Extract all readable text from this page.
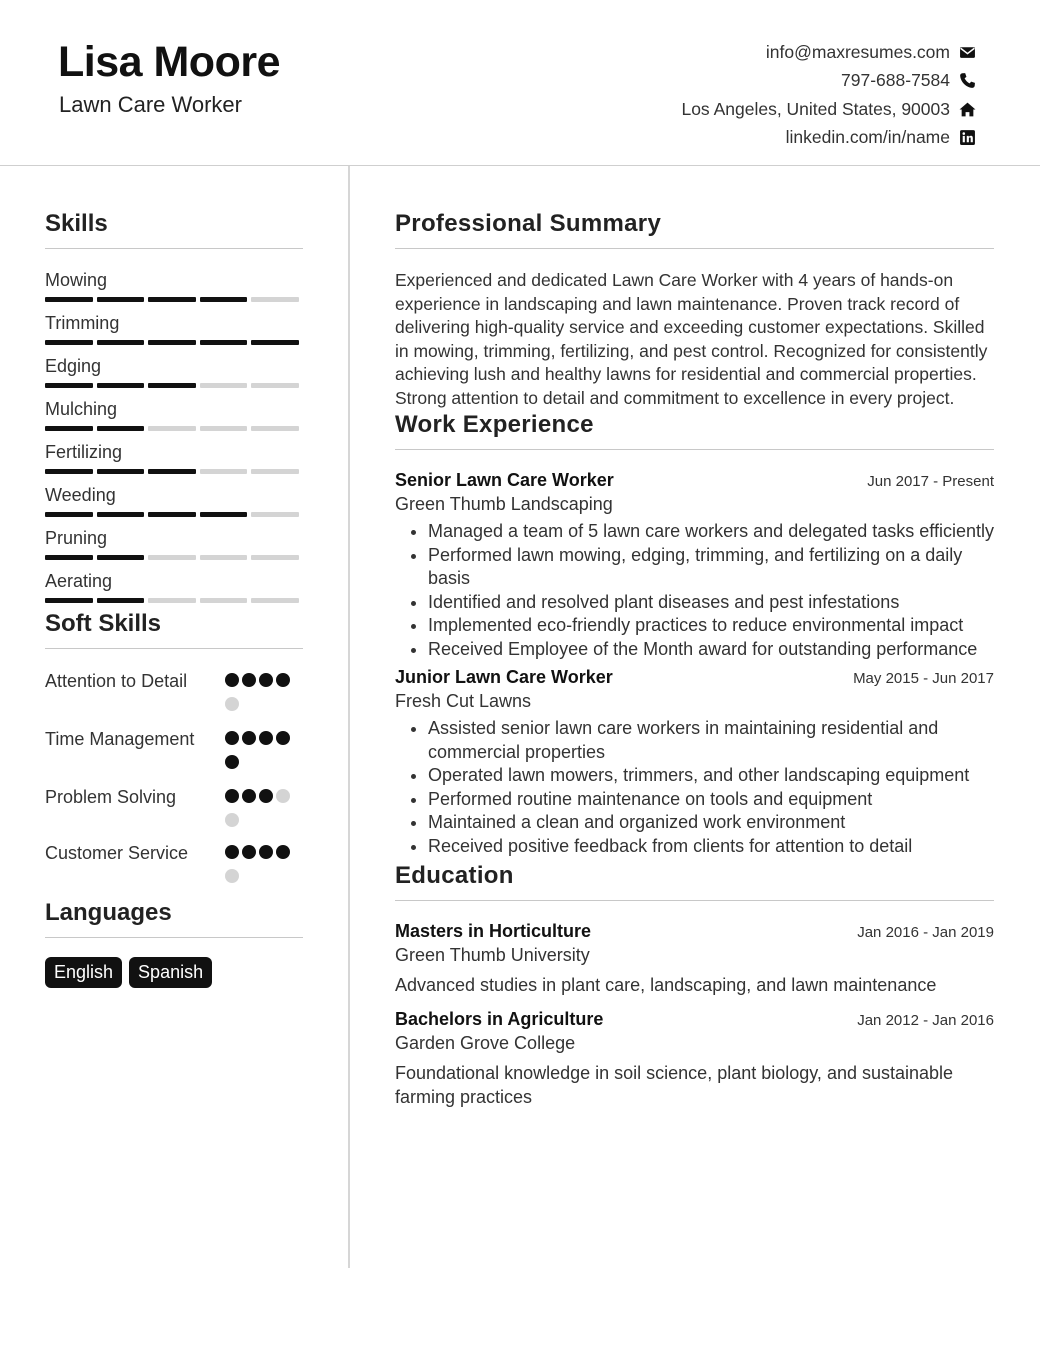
Lisa Moore
Lawn Care Worker
info@maxresumes.com
797-688-7584
Los Angeles, United States, 90003
linkedin.com/in/name
Skills
Mowing
Trimming
Edging
Mulching
Fertilizing
Weeding
Pruning
Aerating
Soft Skills
Attention to Detail
Time Management
Problem Solving
Customer Service
Languages
English	Spanish
Professional Summary
Experienced and dedicated Lawn Care Worker with 4 years of hands-on experience in landscaping and lawn maintenance. Proven track record of delivering high-quality service and exceeding customer expectations. Skilled in mowing, trimming, fertilizing, and pest control. Recognized for consistently achieving lush and healthy lawns for residential and commercial properties. Strong attention to detail and commitment to excellence in every project.
Work Experience
Senior Lawn Care Worker	Jun 2017 - Present
Green Thumb Landscaping
• Managed a team of 5 lawn care workers and delegated tasks efficiently
• Performed lawn mowing, edging, trimming, and fertilizing on a daily basis
• Identified and resolved plant diseases and pest infestations
• Implemented eco-friendly practices to reduce environmental impact
• Received Employee of the Month award for outstanding performance
Junior Lawn Care Worker	May 2015 - Jun 2017
Fresh Cut Lawns
• Assisted senior lawn care workers in maintaining residential and commercial properties
• Operated lawn mowers, trimmers, and other landscaping equipment
• Performed routine maintenance on tools and equipment
• Maintained a clean and organized work environment
• Received positive feedback from clients for attention to detail
Education
Masters in Horticulture	Jan 2016 - Jan 2019
Green Thumb University
Advanced studies in plant care, landscaping, and lawn maintenance
Bachelors in Agriculture	Jan 2012 - Jan 2016
Garden Grove College
Foundational knowledge in soil science, plant biology, and sustainable farming practices
